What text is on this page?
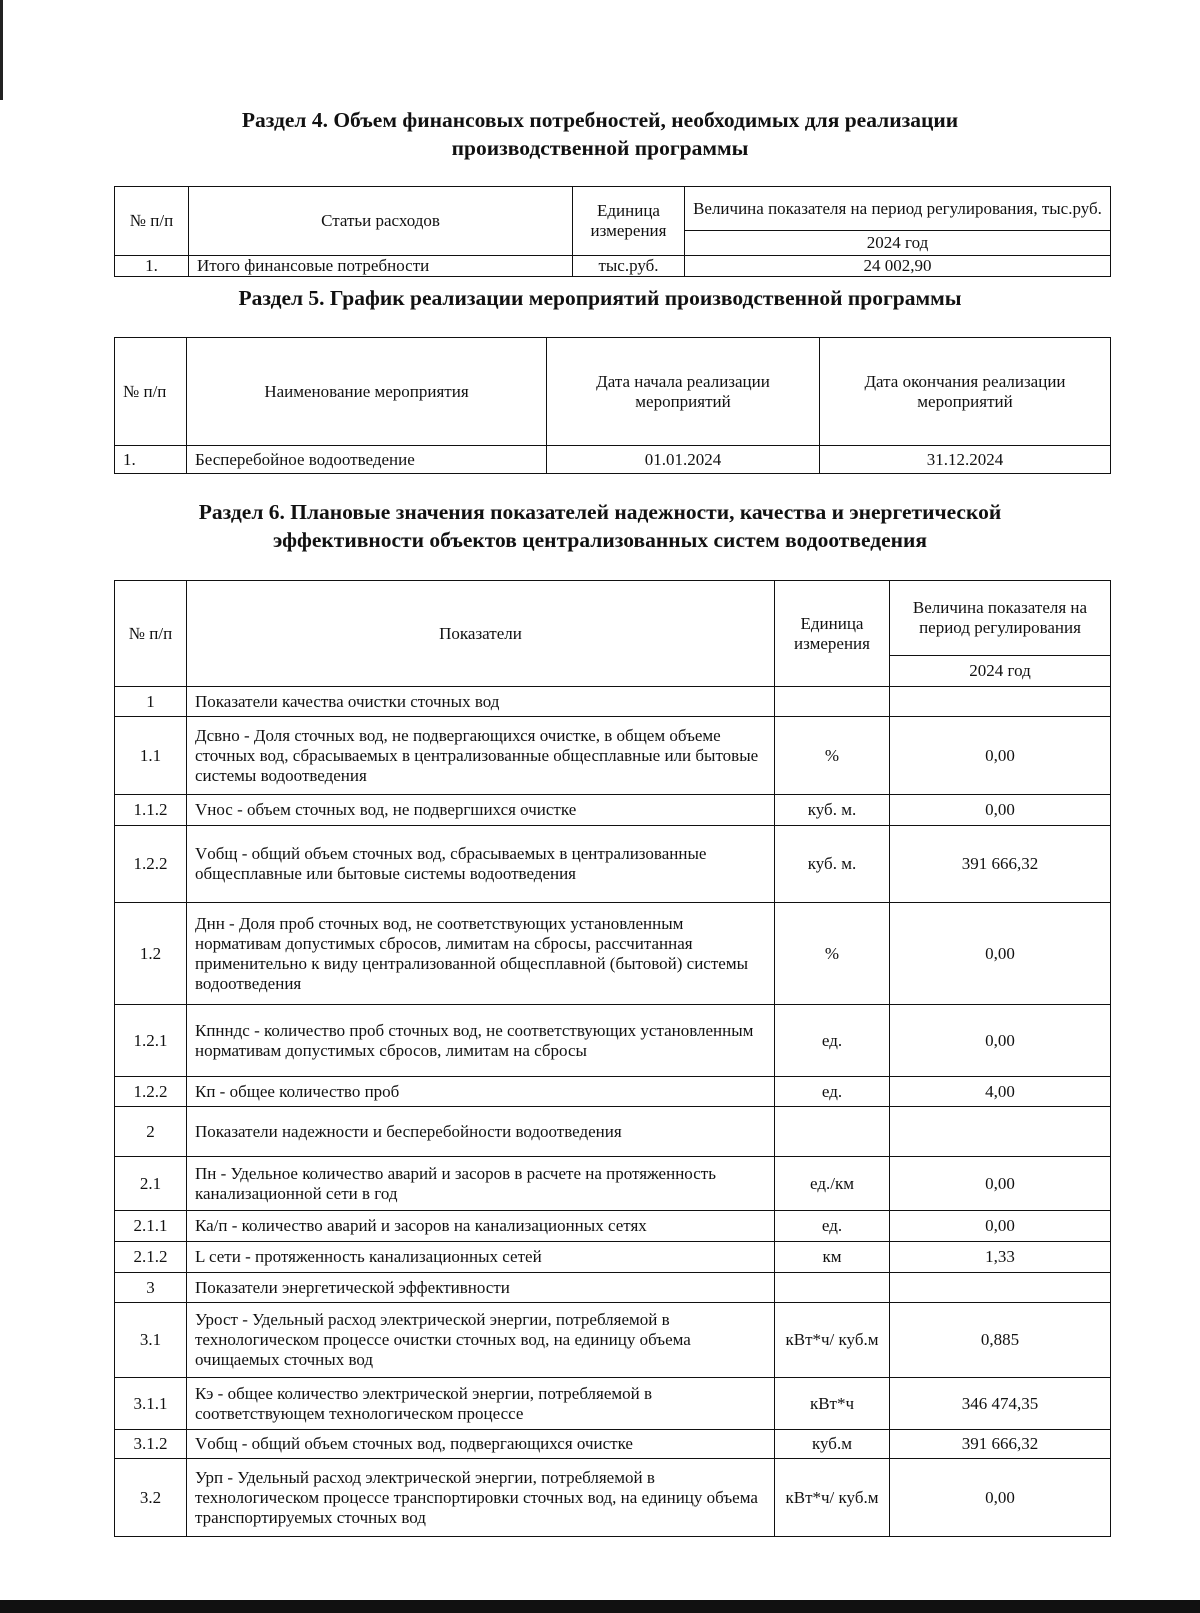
Раздел 4. Объем финансовых потребностей, необходимых для реализации
производственной программы
№ п/п	Статьи расходов	Единица измерения	Величина показателя на период регулирования, тыс.руб.
			2024 год
1.	Итого финансовые потребности	тыс.руб.	24 002,90
Раздел 5. График реализации мероприятий производственной программы
№ п/п	Наименование мероприятия	Дата начала реализации мероприятий	Дата окончания реализации мероприятий
1.	Бесперебойное водоотведение	01.01.2024	31.12.2024
Раздел 6. Плановые значения показателей надежности, качества и энергетической
эффективности объектов централизованных систем водоотведения
№ п/п	Показатели	Единица измерения	Величина показателя на период регулирования
			2024 год
1	Показатели качества очистки сточных вод		
1.1	Дсвно - Доля сточных вод, не подвергающихся очистке, в общем объеме сточных вод, сбрасываемых в централизованные общесплавные или бытовые системы водоотведения	%	0,00
1.1.2	Vнос - объем сточных вод, не подвергшихся очистке	куб. м.	0,00
1.2.2	Vобщ - общий объем сточных вод, сбрасываемых в централизованные общесплавные или бытовые системы водоотведения	куб. м.	391 666,32
1.2	Днн - Доля проб сточных вод, не соответствующих установленным нормативам допустимых сбросов, лимитам на сбросы, рассчитанная применительно к виду централизованной общесплавной (бытовой) системы водоотведения	%	0,00
1.2.1	Кпнндс - количество проб сточных вод, не соответствующих установленным нормативам допустимых сбросов, лимитам на сбросы	ед.	0,00
1.2.2	Кп - общее количество проб	ед.	4,00
2	Показатели надежности и бесперебойности водоотведения		
2.1	Пн - Удельное количество аварий и засоров в расчете на протяженность канализационной сети в год	ед./км	0,00
2.1.1	Ка/п - количество аварий и засоров на канализационных сетях	ед.	0,00
2.1.2	L сети - протяженность канализационных сетей	км	1,33
3	Показатели энергетической эффективности		
3.1	Урост - Удельный расход электрической энергии, потребляемой в технологическом процессе очистки сточных вод, на единицу объема очищаемых сточных вод	кВт*ч/ куб.м	0,885
3.1.1	Кэ - общее количество электрической энергии, потребляемой в соответствующем технологическом процессе	кВт*ч	346 474,35
3.1.2	Vобщ - общий объем сточных вод, подвергающихся очистке	куб.м	391 666,32
3.2	Урп - Удельный расход электрической энергии, потребляемой в технологическом процессе транспортировки сточных вод, на единицу объема транспортируемых сточных вод	кВт*ч/ куб.м	0,00
